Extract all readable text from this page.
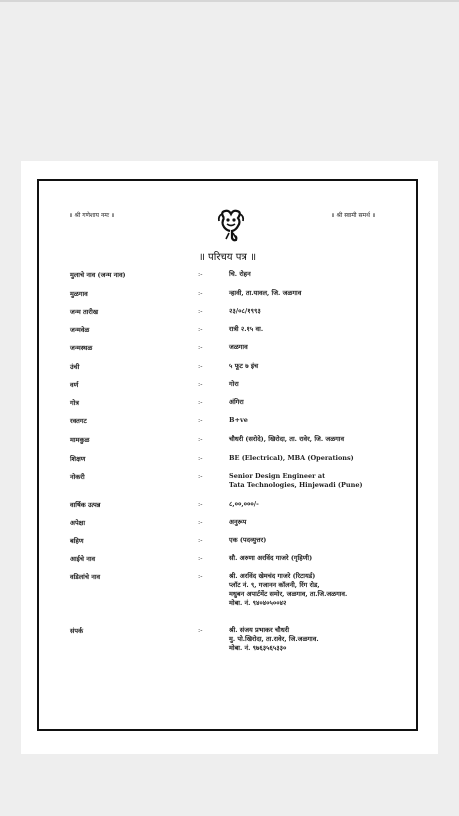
॥ श्री गणेशाय नमः ॥	॥ श्री स्वामी समर्थ ॥
॥ परिचय पत्र ॥
मुलाचे नाव (जन्म नाव)	:-	चि. रोहन
मुळगाव	:-	न्हावी, ता.यावल, जि. जळगाव
जन्म तारीख	:-	२३/०८/१९९३
जन्मवेळ	:-	रात्री २.१५ वा.
जन्मस्थळ	:-	जळगाव
उंची	:-	५ फूट ७ इंच
वर्ण	:-	गोरा
गोत्र	:-	अंगिरा
रक्तगट	:-	B+ve
मामकुळ	:-	चौधरी (सरोदे), खिरोदा, ता. रावेर, जि. जळगाव
शिक्षण	:-	BE (Electrical), MBA (Operations)
नोकरी	:-	Senior Design Engineer at
Tata Technologies, Hinjewadi (Pune)
वार्षिक उत्पन्न	:-	८,००,०००/-
अपेक्षा	:-	अनुरूप
बहिण	:-	एक (पदव्युत्तर)
आईचे नाव	:-	सौ. अरुणा अरविंद गाजरे (गृहिणी)
वडिलांचे नाव	:-	श्री. अरविंद खेमचंद गाजरे (रिटायर्ड)
प्लॉट नं. ९, गजानन कॉलनी, रिंग रोड,
मधुबन अपार्टमेंट समोर, जळगाव, ता.जि.जळगाव.
मोबा. नं. ९४०४०५००४२
संपर्क	:-	श्री. संजय प्रभाकर चौधरी
मु. पो.खिरोदा, ता.रावेर, जि.जळगाव.
मोबा. नं. ९७६३५६५३३०
